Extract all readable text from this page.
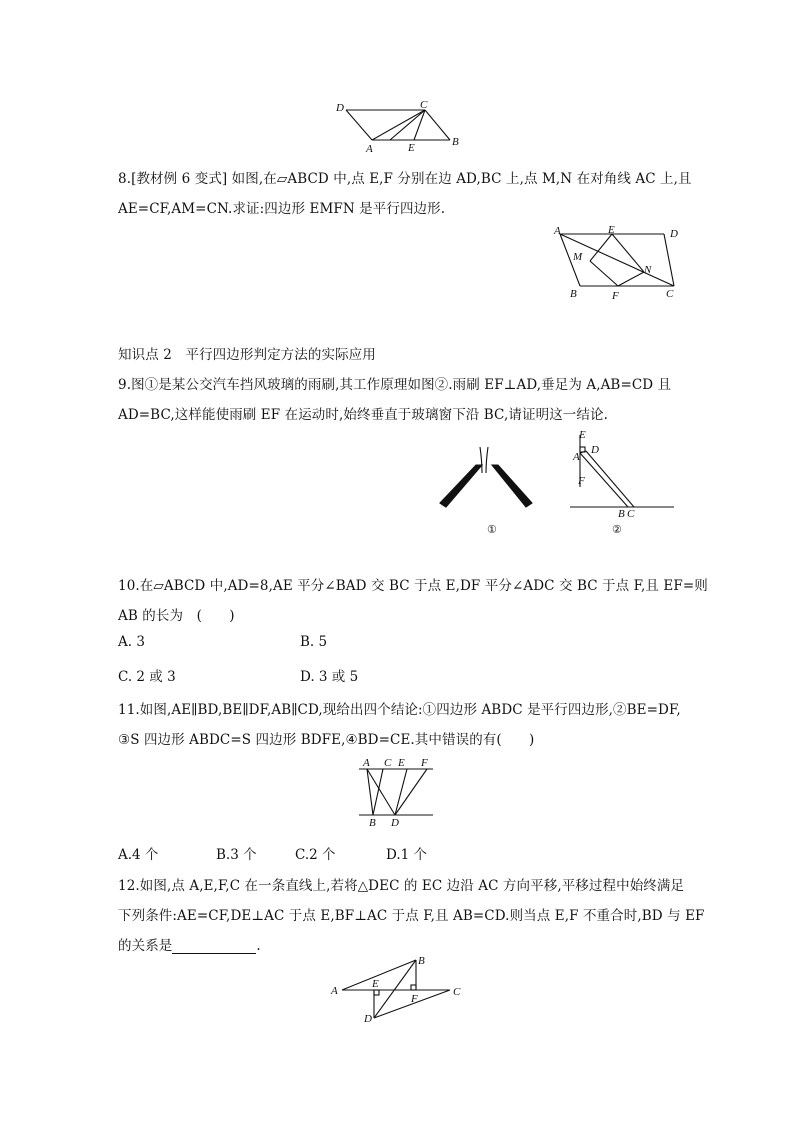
D	C
A	E	B
8.[教材例 6 变式] 如图,在▱ABCD 中,点 E,F 分别在边 AD,BC 上,点 M,N 在对角线 AC 上,且
AE=CF,AM=CN.求证:四边形 EMFN 是平行四边形.
A	E	D
M
N
B	F	C
知识点 2　平行四边形判定方法的实际应用
9.图①是某公交汽车挡风玻璃的雨刷,其工作原理如图②.雨刷 EF⊥AD,垂足为 A,AB=CD 且
AD=BC,这样能使雨刷 EF 在运动时,始终垂直于玻璃窗下沿 BC,请证明这一结论.
E
D
A
F
B C
①	②
10.在▱ABCD 中,AD=8,AE 平分∠BAD 交 BC 于点 E,DF 平分∠ADC 交 BC 于点 F,且 EF=则
AB 的长为　(　　)
A. 3	B. 5
C. 2 或 3	D. 3 或 5
11.如图,AE∥BD,BE∥DF,AB∥CD,现给出四个结论:①四边形 ABDC 是平行四边形,②BE=DF,
③S 四边形 ABDC=S 四边形 BDFE,④BD=CE.其中错误的有(　　)
A C E F
B D
A.4 个	B.3 个	C.2 个	D.1 个
12.如图,点 A,E,F,C 在一条直线上,若将△DEC 的 EC 边沿 AC 方向平移,平移过程中始终满足
下列条件:AE=CF,DE⊥AC 于点 E,BF⊥AC 于点 F,且 AB=CD.则当点 E,F 不重合时,BD 与 EF
的关系是	.
B
A
E
F
C
D
